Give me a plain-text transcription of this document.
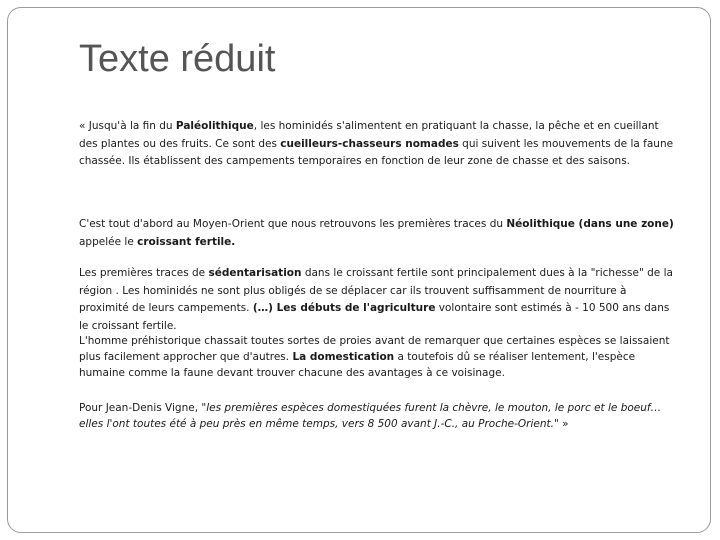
Texte réduit

« Jusqu'à la fin du Paléolithique, les hominidés s'alimentent en pratiquant la chasse, la pêche et en cueillant des plantes ou des fruits. Ce sont des cueilleurs-chasseurs nomades qui suivent les mouvements de la faune chassée. Ils établissent des campements temporaires en fonction de leur zone de chasse et des saisons.

C'est tout d'abord au Moyen-Orient que nous retrouvons les premières traces du Néolithique (dans une zone) appelée le croissant fertile.

Les premières traces de sédentarisation dans le croissant fertile sont principalement dues à la "richesse" de la région . Les hominidés ne sont plus obligés de se déplacer car ils trouvent suffisamment de nourriture à proximité de leurs campements. (…) Les débuts de l'agriculture volontaire sont estimés à - 10 500 ans dans le croissant fertile.

L'homme préhistorique chassait toutes sortes de proies avant de remarquer que certaines espèces se laissaient plus facilement approcher que d'autres. La domestication a toutefois dû se réaliser lentement, l'espèce humaine comme la faune devant trouver chacune des avantages à ce voisinage.

Pour Jean-Denis Vigne, "les premières espèces domestiquées furent la chèvre, le mouton, le porc et le boeuf… elles l'ont toutes été à peu près en même temps, vers 8 500 avant J.-C., au Proche-Orient." »
